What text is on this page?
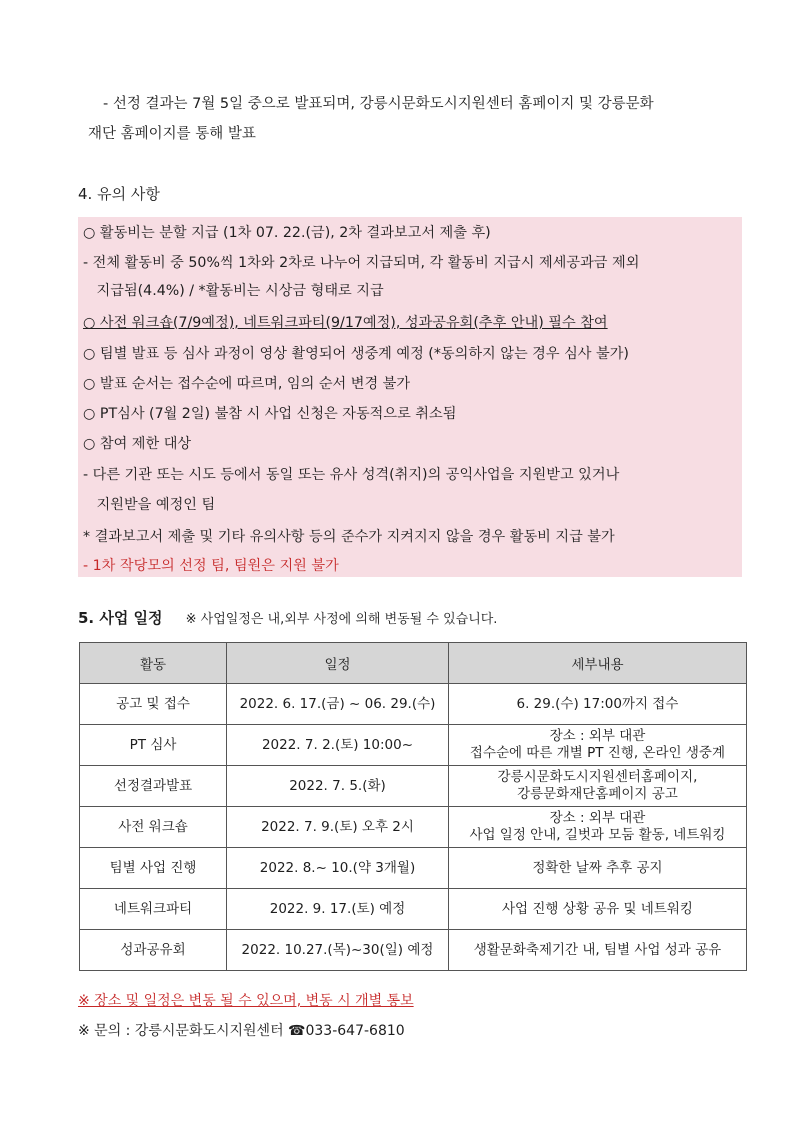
- 선정 결과는 7월 5일 중으로 발표되며, 강릉시문화도시지원센터 홈페이지 및 강릉문화
재단 홈페이지를 통해 발표
4. 유의 사항
○ 활동비는 분할 지급 (1차 07. 22.(금), 2차 결과보고서 제출 후)
- 전체 활동비 중 50%씩 1차와 2차로 나누어 지급되며, 각 활동비 지급시 제세공과금 제외
지급됨(4.4%) / *활동비는 시상금 형태로 지급
○ 사전 워크숍(7/9예정), 네트워크파티(9/17예정), 성과공유회(추후 안내) 필수 참여
○ 팀별 발표 등 심사 과정이 영상 촬영되어 생중계 예정 (*동의하지 않는 경우 심사 불가)
○ 발표 순서는 접수순에 따르며, 임의 순서 변경 불가
○ PT심사 (7월 2일) 불참 시 사업 신청은 자동적으로 취소됨
○ 참여 제한 대상
- 다른 기관 또는 시도 등에서 동일 또는 유사 성격(취지)의 공익사업을 지원받고 있거나
지원받을 예정인 팀
* 결과보고서 제출 및 기타 유의사항 등의 준수가 지켜지지 않을 경우 활동비 지급 불가
- 1차 작당모의 선정 팀, 팀원은 지원 불가
5. 사업 일정 ※ 사업일정은 내,외부 사정에 의해 변동될 수 있습니다.
활동	일정	세부내용
공고 및 접수	2022. 6. 17.(금) ~ 06. 29.(수)	6. 29.(수) 17:00까지 접수

PT 심사	2022. 7. 2.(토) 10:00~	장소 : 외부 대관
접수순에 따른 개별 PT 진행, 온라인 생중계

선정결과발표	2022. 7. 5.(화)	강릉시문화도시지원센터홈페이지,
강릉문화재단홈페이지 공고

사전 워크숍	2022. 7. 9.(토) 오후 2시	장소 : 외부 대관
사업 일정 안내, 길벗과 모둠 활동, 네트워킹

팀별 사업 진행	2022. 8.~ 10.(약 3개월)	정확한 날짜 추후 공지

네트워크파티	2022. 9. 17.(토) 예정	사업 진행 상황 공유 및 네트워킹

성과공유회	2022. 10.27.(목)~30(일) 예정	생활문화축제기간 내, 팀별 사업 성과 공유
※ 장소 및 일정은 변동 될 수 있으며, 변동 시 개별 통보
※ 문의 : 강릉시문화도시지원센터 ☎033-647-6810
